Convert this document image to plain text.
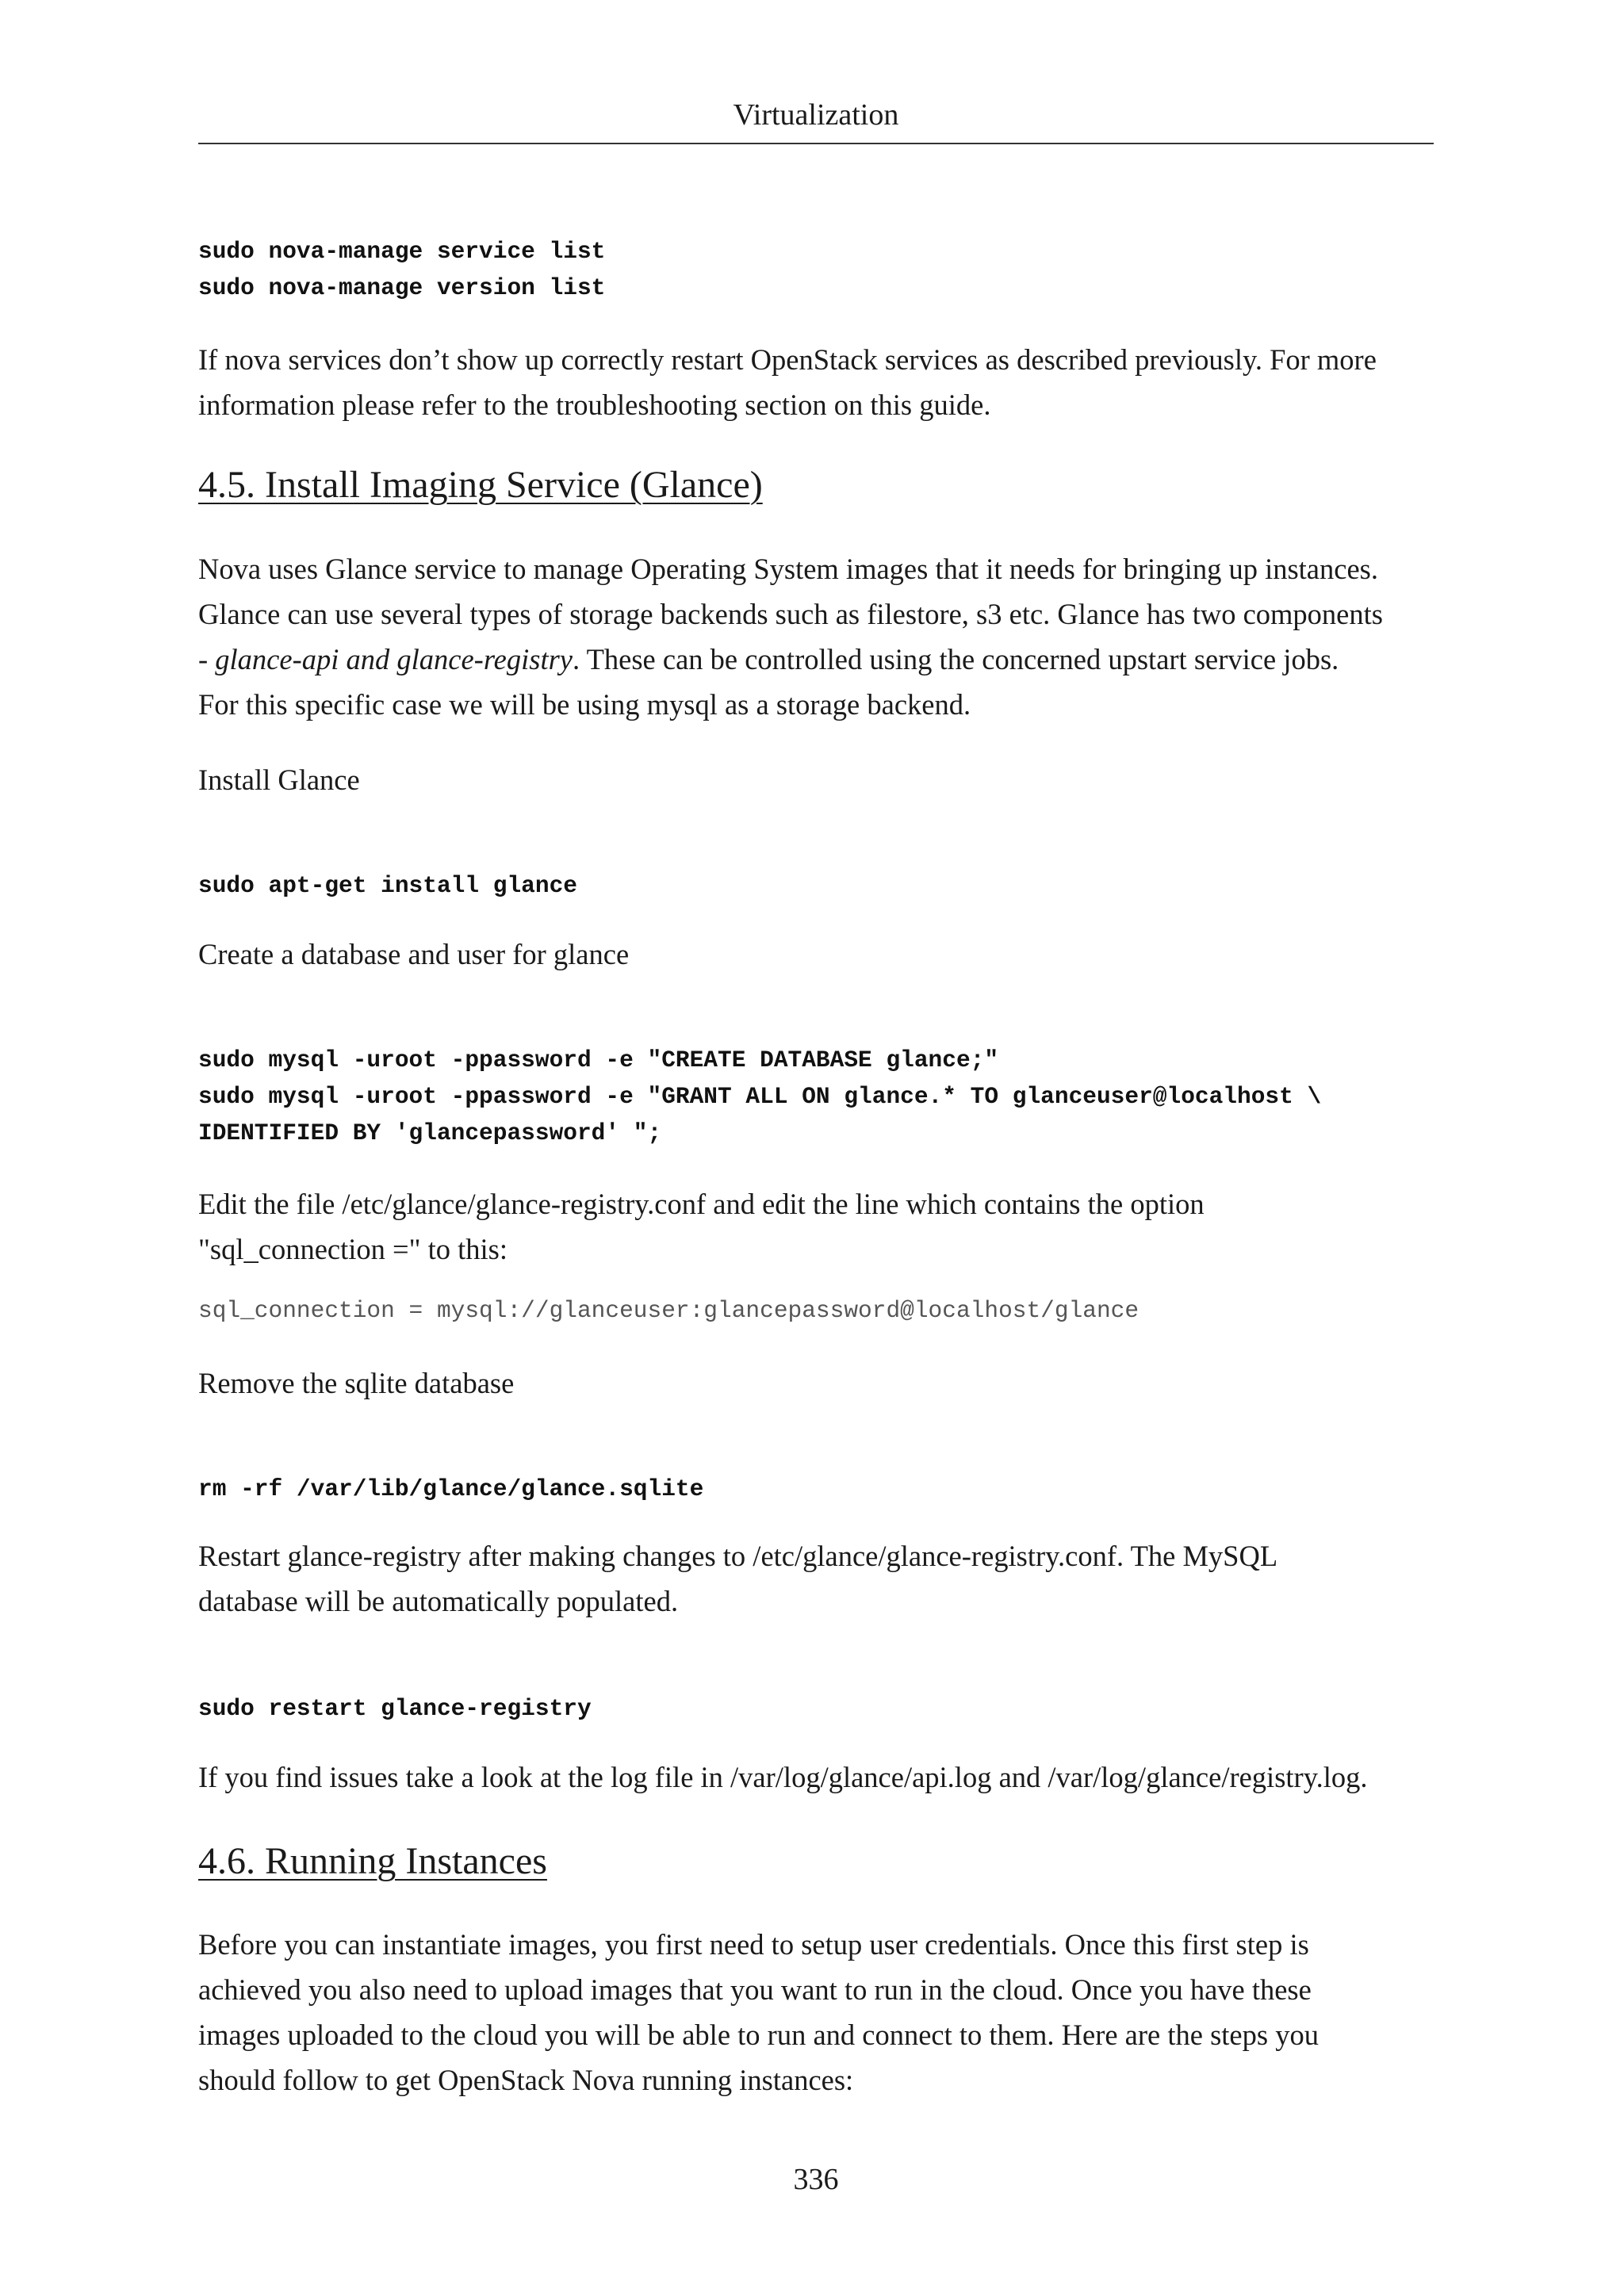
Virtualization
sudo nova-manage service list
sudo nova-manage version list
If nova services don’t show up correctly restart OpenStack services as described previously. For more
information please refer to the troubleshooting section on this guide.
4.5. Install Imaging Service (Glance)
Nova uses Glance service to manage Operating System images that it needs for bringing up instances.
Glance can use several types of storage backends such as filestore, s3 etc. Glance has two components
- glance-api and glance-registry. These can be controlled using the concerned upstart service jobs.
For this specific case we will be using mysql as a storage backend.
Install Glance
sudo apt-get install glance
Create a database and user for glance
sudo mysql -uroot -ppassword -e "CREATE DATABASE glance;"
sudo mysql -uroot -ppassword -e "GRANT ALL ON glance.* TO glanceuser@localhost \
IDENTIFIED BY 'glancepassword' ";
Edit the file /etc/glance/glance-registry.conf and edit the line which contains the option
"sql_connection =" to this:
sql_connection = mysql://glanceuser:glancepassword@localhost/glance
Remove the sqlite database
rm -rf /var/lib/glance/glance.sqlite
Restart glance-registry after making changes to /etc/glance/glance-registry.conf. The MySQL
database will be automatically populated.
sudo restart glance-registry
If you find issues take a look at the log file in /var/log/glance/api.log and /var/log/glance/registry.log.
4.6. Running Instances
Before you can instantiate images, you first need to setup user credentials. Once this first step is
achieved you also need to upload images that you want to run in the cloud. Once you have these
images uploaded to the cloud you will be able to run and connect to them. Here are the steps you
should follow to get OpenStack Nova running instances:
336
